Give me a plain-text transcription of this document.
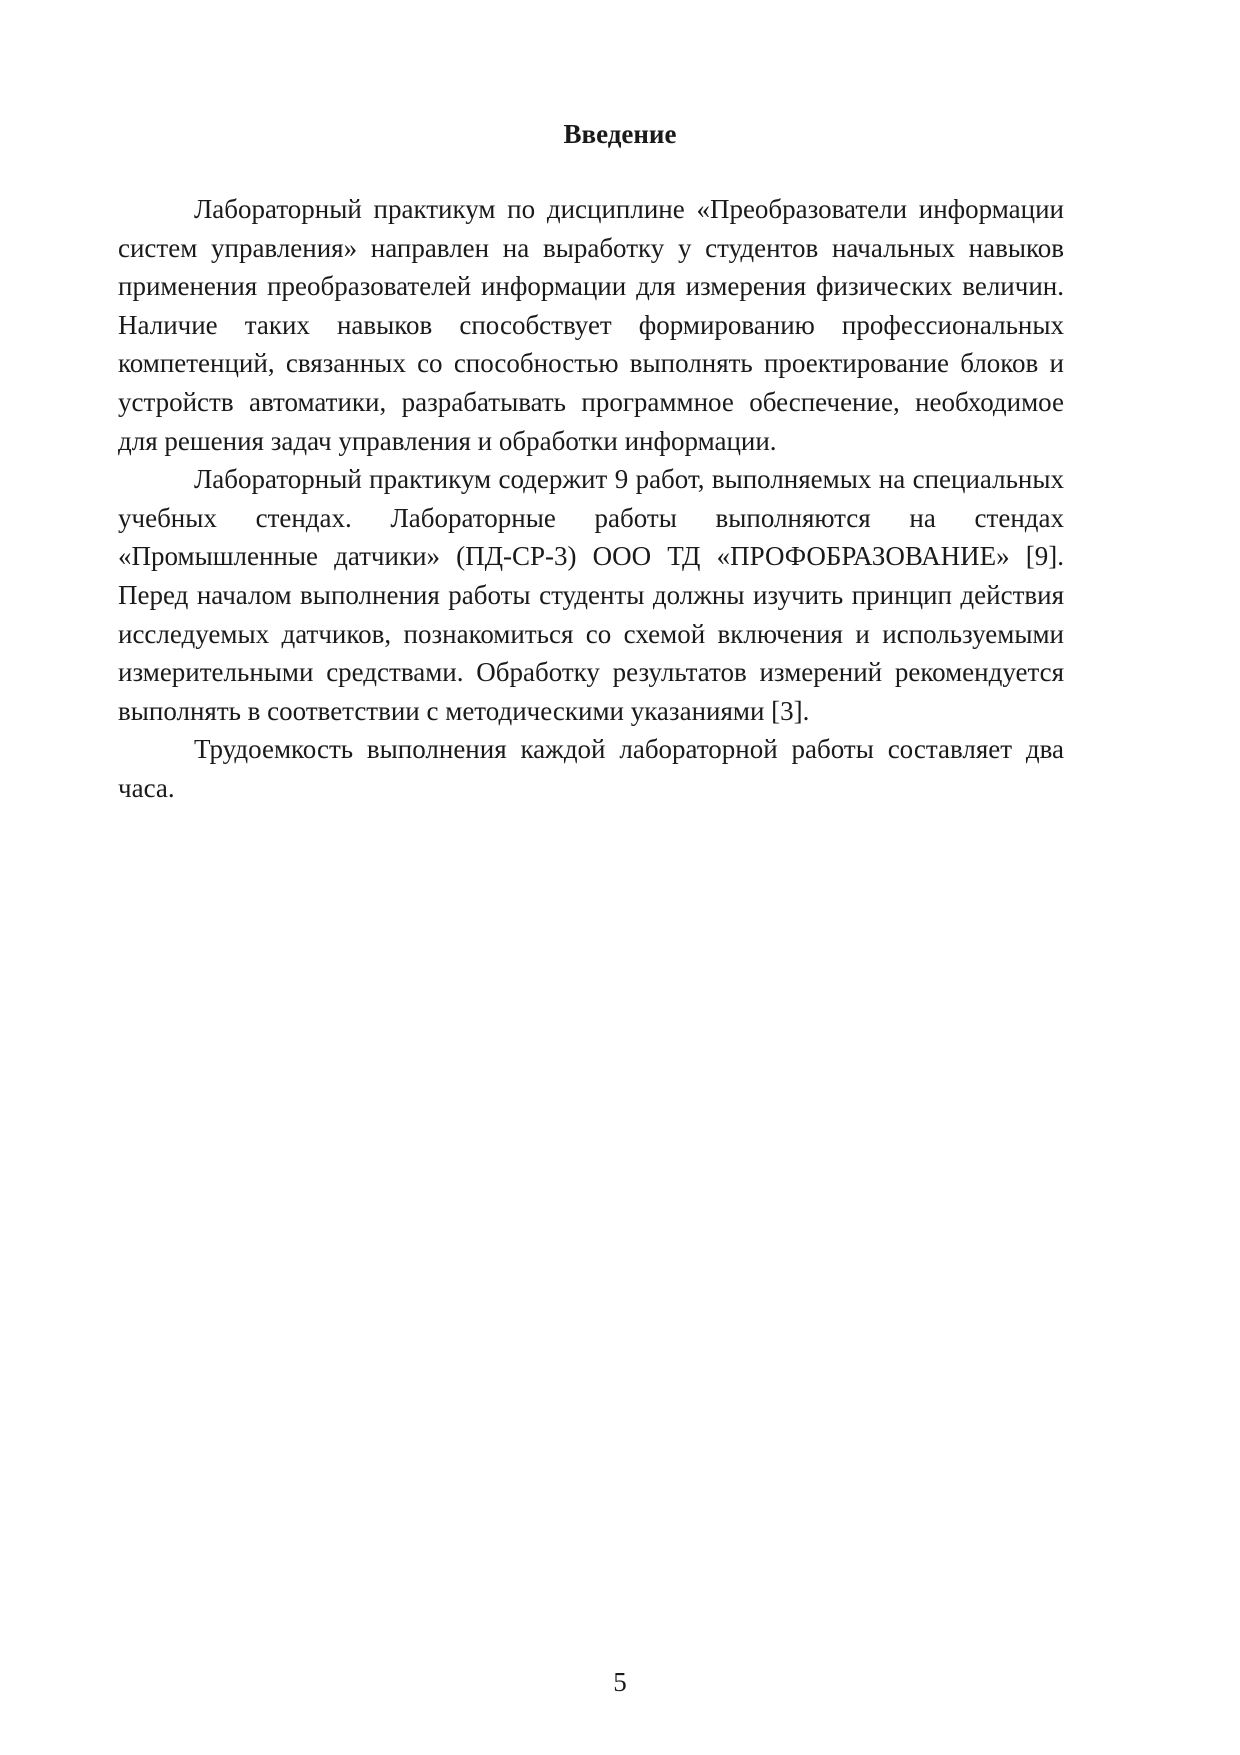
Введение

Лабораторный практикум по дисциплине «Преобразователи информации систем управления» направлен на выработку у студентов начальных навыков применения преобразователей информации для измерения физических величин. Наличие таких навыков способствует формированию профессиональных компетенций, связанных со способностью выполнять проектирование блоков и устройств автоматики, разрабатывать программное обеспечение, необходимое для решения задач управления и обработки информации.

Лабораторный практикум содержит 9 работ, выполняемых на специальных учебных стендах. Лабораторные работы выполняются на стендах «Промышленные датчики» (ПД-СР-3) ООО ТД «ПРОФОБРАЗОВАНИЕ» [9]. Перед началом выполнения работы студенты должны изучить принцип действия исследуемых датчиков, познакомиться со схемой включения и используемыми измерительными средствами. Обработку результатов измерений рекомендуется выполнять в соответствии с методическими указаниями [3].

Трудоемкость выполнения каждой лабораторной работы составляет два часа.

5
